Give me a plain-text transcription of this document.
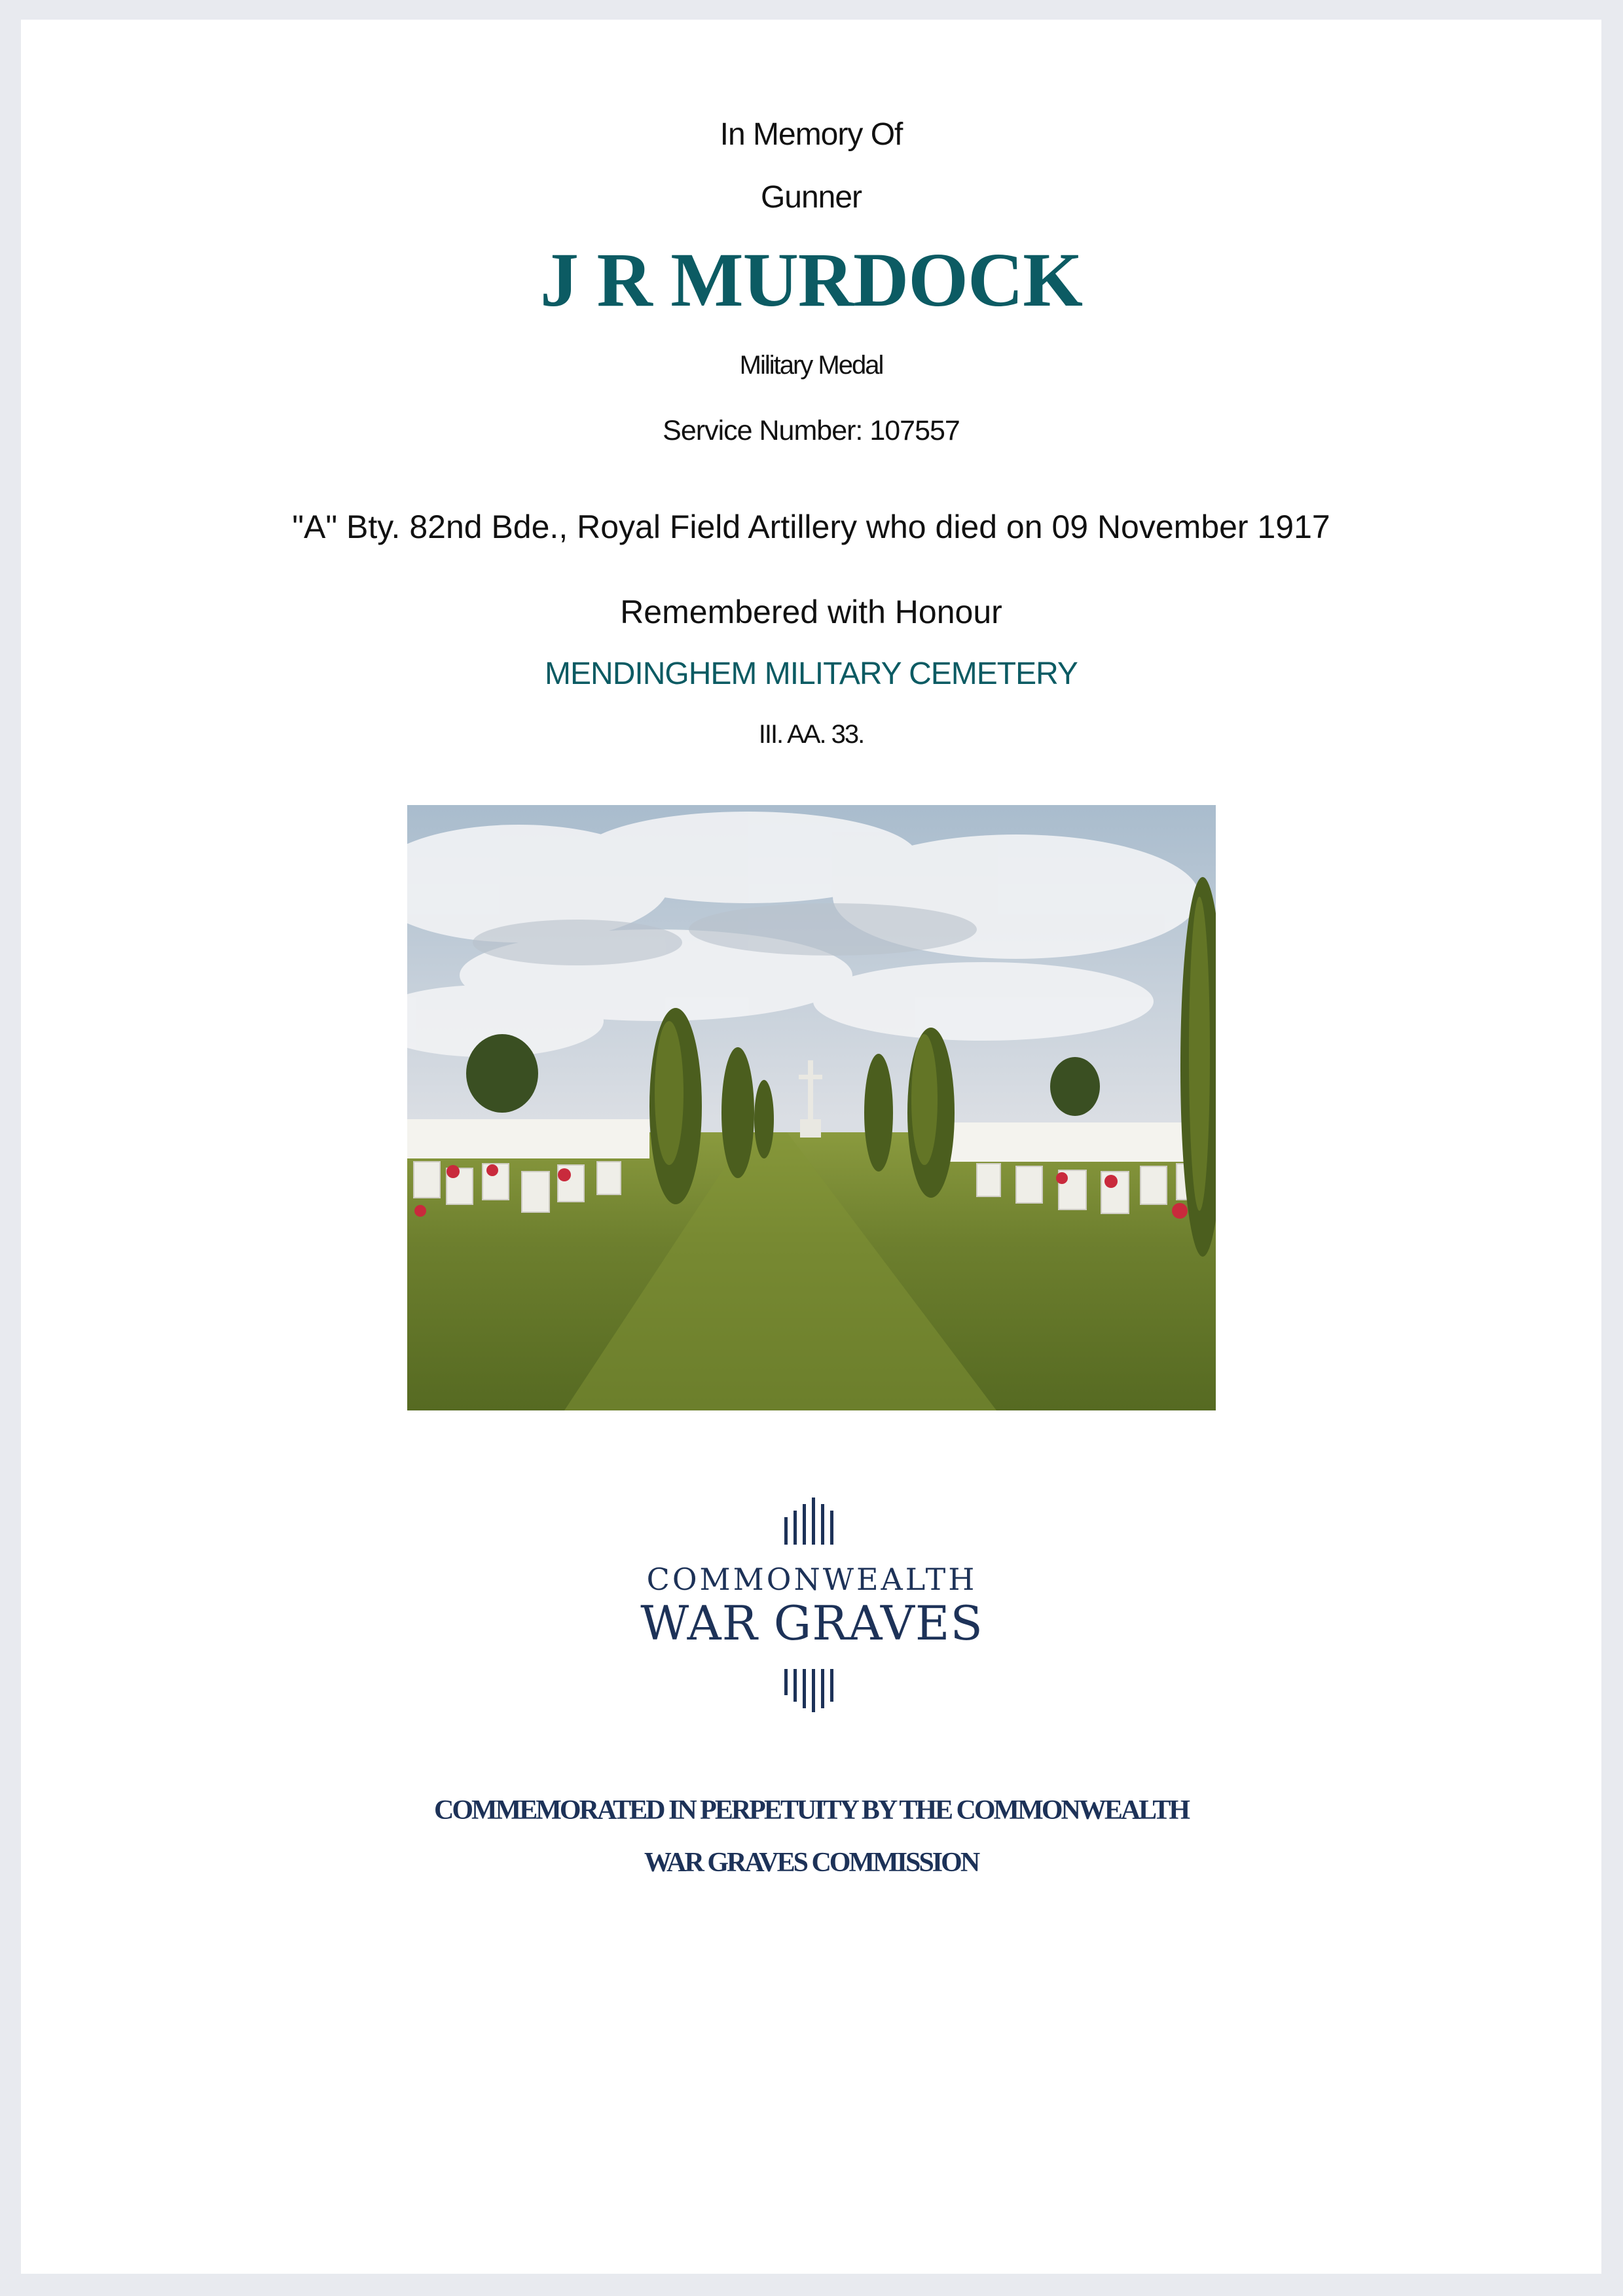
In Memory Of
Gunner
J R MURDOCK
Military Medal
Service Number: 107557
"A" Bty. 82nd Bde., Royal Field Artillery who died on 09 November 1917
Remembered with Honour
MENDINGHEM MILITARY CEMETERY
III. AA. 33.
COMMONWEALTH
WAR GRAVES
COMMEMORATED IN PERPETUITY BY THE COMMONWEALTH
WAR GRAVES COMMISSION
